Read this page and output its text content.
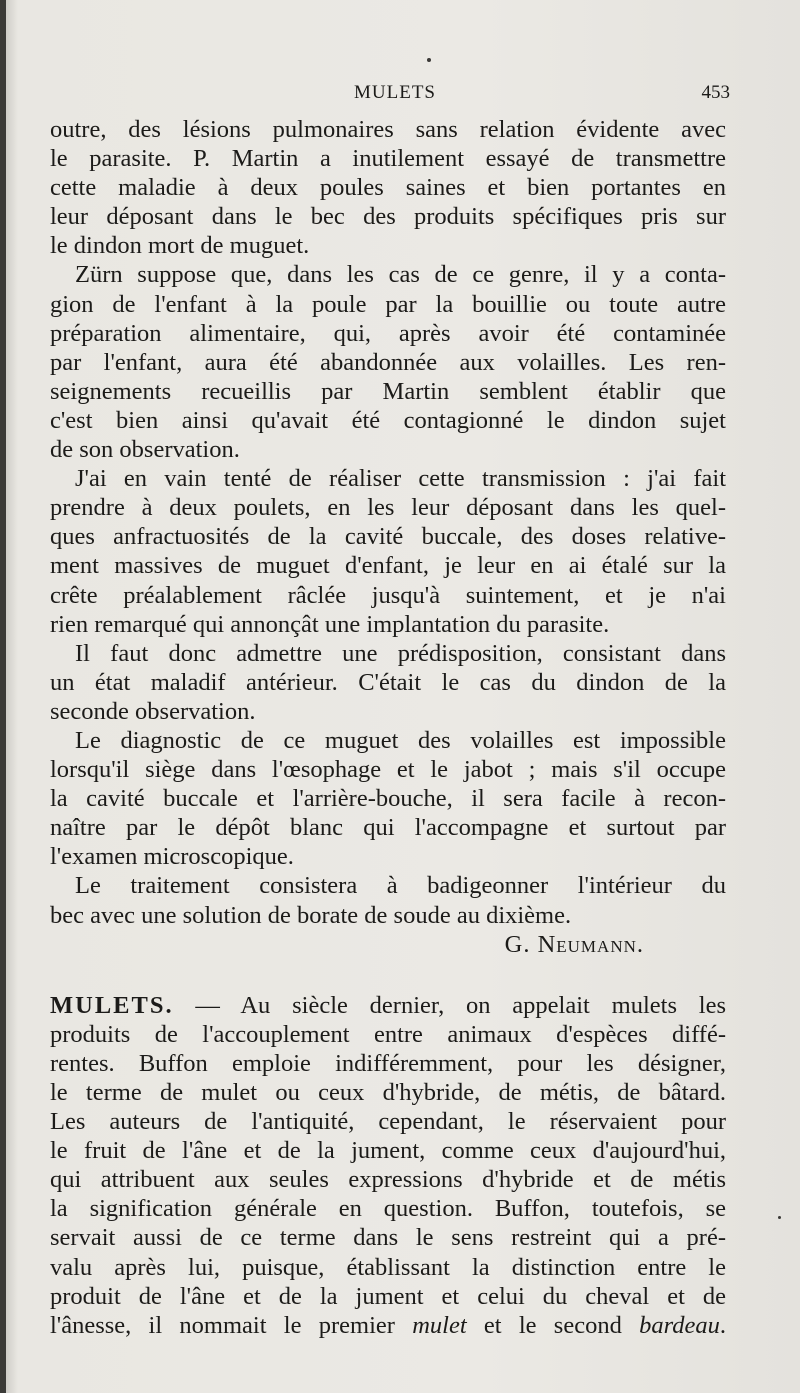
MULETS	453
outre, des lésions pulmonaires sans relation évidente avec
le parasite. P. Martin a inutilement essayé de transmettre
cette maladie à deux poules saines et bien portantes en
leur déposant dans le bec des produits spécifiques pris sur
le dindon mort de muguet.
Zürn suppose que, dans les cas de ce genre, il y a conta-
gion de l'enfant à la poule par la bouillie ou toute autre
préparation alimentaire, qui, après avoir été contaminée
par l'enfant, aura été abandonnée aux volailles. Les ren-
seignements recueillis par Martin semblent établir que
c'est bien ainsi qu'avait été contagionné le dindon sujet
de son observation.
J'ai en vain tenté de réaliser cette transmission : j'ai fait
prendre à deux poulets, en les leur déposant dans les quel-
ques anfractuosités de la cavité buccale, des doses relative-
ment massives de muguet d'enfant, je leur en ai étalé sur la
crête préalablement râclée jusqu'à suintement, et je n'ai
rien remarqué qui annonçât une implantation du parasite.
Il faut donc admettre une prédisposition, consistant dans
un état maladif antérieur. C'était le cas du dindon de la
seconde observation.
Le diagnostic de ce muguet des volailles est impossible
lorsqu'il siège dans l'œsophage et le jabot ; mais s'il occupe
la cavité buccale et l'arrière-bouche, il sera facile à recon-
naître par le dépôt blanc qui l'accompagne et surtout par
l'examen microscopique.
Le traitement consistera à badigeonner l'intérieur du
bec avec une solution de borate de soude au dixième.
G. Neumann.
MULETS. — Au siècle dernier, on appelait mulets les
produits de l'accouplement entre animaux d'espèces diffé-
rentes. Buffon emploie indifféremment, pour les désigner,
le terme de mulet ou ceux d'hybride, de métis, de bâtard.
Les auteurs de l'antiquité, cependant, le réservaient pour
le fruit de l'âne et de la jument, comme ceux d'aujourd'hui,
qui attribuent aux seules expressions d'hybride et de métis
la signification générale en question. Buffon, toutefois, se
servait aussi de ce terme dans le sens restreint qui a pré-
valu après lui, puisque, établissant la distinction entre le
produit de l'âne et de la jument et celui du cheval et de
l'ânesse, il nommait le premier mulet et le second bardeau.
